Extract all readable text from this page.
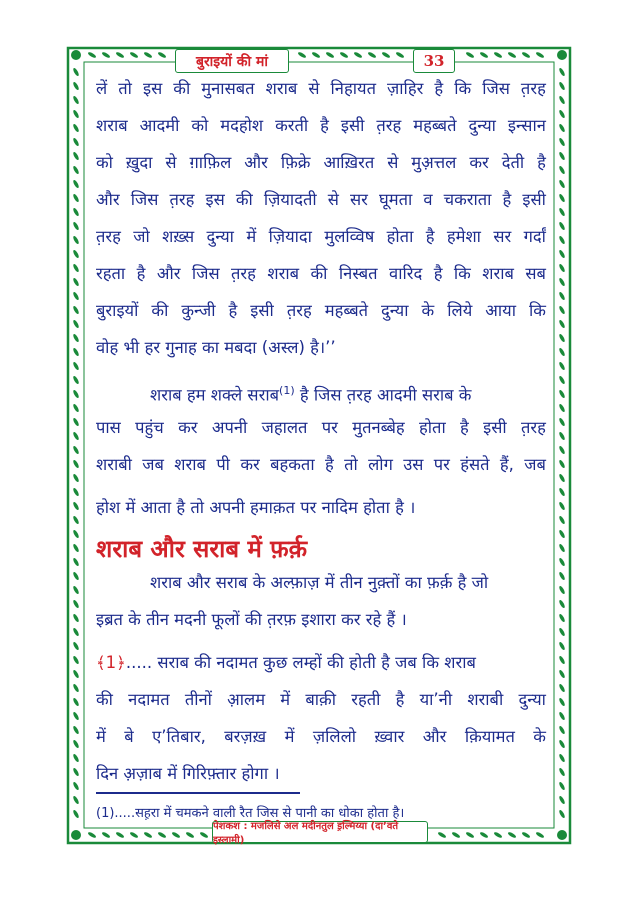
बुराइयों की मां	33
लें तो इस की मुनासबत शराब से निहायत ज़ाहिर है कि जिस त़रह
शराब आदमी को मदहोश करती है इसी त़रह महब्बते दुन्या इन्सान
को ख़ुदा से ग़ाफ़िल और फ़िक्रे आख़िरत से मुअ़त्तल कर देती है
और जिस त़रह इस की ज़ियादती से सर घूमता व चकराता है इसी
त़रह जो शख़्स दुन्या में ज़ियादा मुलव्विष होता है हमेशा सर गर्दां
रहता है और जिस त़रह शराब की निस्बत वारिद है कि शराब सब
बुराइयों की कुन्जी है इसी त़रह महब्बते दुन्या के लिये आया कि
वोह भी हर गुनाह का मबदा (अस्ल) है।’’
शराब हम शक्ले सराब$^{(1)}$ है जिस त़रह आदमी सराब के
पास पहुंच कर अपनी जहालत पर मुतनब्बेह होता है इसी त़रह
शराबी जब शराब पी कर बहकता है तो लोग उस पर हंसते हैं, जब
होश में आता है तो अपनी हमाक़त पर नादिम होता है ।
शराब और सराब में फ़र्क़
शराब और सराब के अल्फ़ाज़ में तीन नुक़्तों का फ़र्क़ है जो
इब्रत के तीन मदनी फूलों की त़रफ़ इशारा कर रहे हैं ।
﴾1﴿..... सराब की नदामत कुछ लम्हों की होती है जब कि शराब
की नदामत तीनों आ़लम में बाक़ी रहती है या’नी शराबी दुन्या
में बे ए’तिबार, बरज़ख़ में ज़लिलो ख़्वार और क़ियामत के
दिन अ़ज़ाब में गिरिफ़्तार होगा ।
(1).....सह़रा में चमकने वाली रैत जिस से पानी का धोका होता है।
पेशकश : मजलिसे अल मदीनतुल इ़ल्मिय्या (दा’वते इस्लामी)
